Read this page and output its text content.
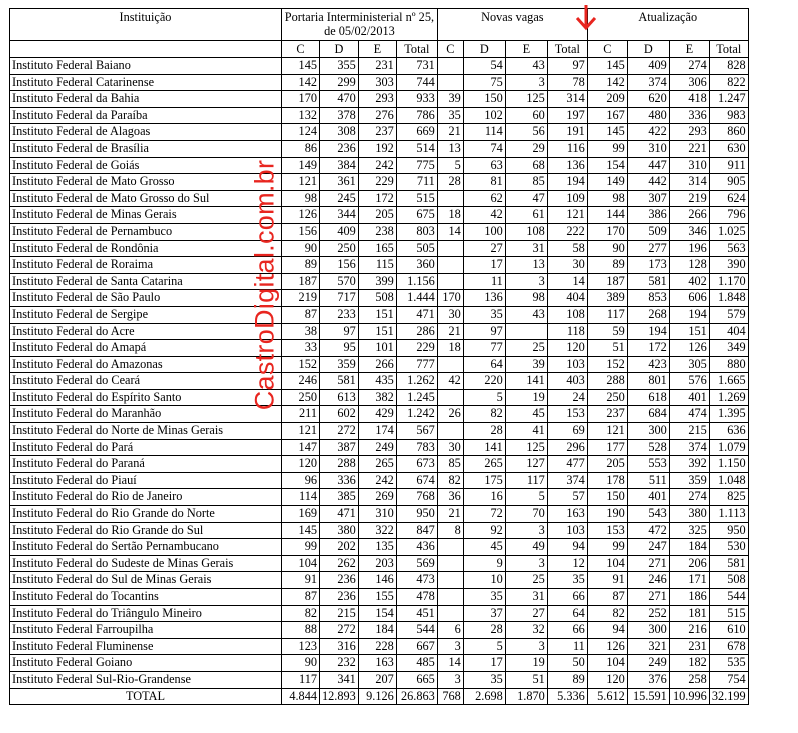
Instituição	Portaria Interministerial nº 25, de 05/02/2013				Novas vagas				Atualização			
	C	D	E	Total	C	D	E	Total	C	D	E	Total
Instituto Federal Baiano	145	355	231	731		54	43	97	145	409	274	828
Instituto Federal Catarinense	142	299	303	744		75	3	78	142	374	306	822
Instituto Federal da Bahia	170	470	293	933	39	150	125	314	209	620	418	1.247
Instituto Federal da Paraíba	132	378	276	786	35	102	60	197	167	480	336	983
Instituto Federal de Alagoas	124	308	237	669	21	114	56	191	145	422	293	860
Instituto Federal de Brasília	86	236	192	514	13	74	29	116	99	310	221	630
Instituto Federal de Goiás	149	384	242	775	5	63	68	136	154	447	310	911
Instituto Federal de Mato Grosso	121	361	229	711	28	81	85	194	149	442	314	905
Instituto Federal de Mato Grosso do Sul	98	245	172	515		62	47	109	98	307	219	624
Instituto Federal de Minas Gerais	126	344	205	675	18	42	61	121	144	386	266	796
Instituto Federal de Pernambuco	156	409	238	803	14	100	108	222	170	509	346	1.025
Instituto Federal de Rondônia	90	250	165	505		27	31	58	90	277	196	563
Instituto Federal de Roraima	89	156	115	360		17	13	30	89	173	128	390
Instituto Federal de Santa Catarina	187	570	399	1.156		11	3	14	187	581	402	1.170
Instituto Federal de São Paulo	219	717	508	1.444	170	136	98	404	389	853	606	1.848
Instituto Federal de Sergipe	87	233	151	471	30	35	43	108	117	268	194	579
Instituto Federal do Acre	38	97	151	286	21	97		118	59	194	151	404
Instituto Federal do Amapá	33	95	101	229	18	77	25	120	51	172	126	349
Instituto Federal do Amazonas	152	359	266	777		64	39	103	152	423	305	880
Instituto Federal do Ceará	246	581	435	1.262	42	220	141	403	288	801	576	1.665
Instituto Federal do Espírito Santo	250	613	382	1.245		5	19	24	250	618	401	1.269
Instituto Federal do Maranhão	211	602	429	1.242	26	82	45	153	237	684	474	1.395
Instituto Federal do Norte de Minas Gerais	121	272	174	567		28	41	69	121	300	215	636
Instituto Federal do Pará	147	387	249	783	30	141	125	296	177	528	374	1.079
Instituto Federal do Paraná	120	288	265	673	85	265	127	477	205	553	392	1.150
Instituto Federal do Piauí	96	336	242	674	82	175	117	374	178	511	359	1.048
Instituto Federal do Rio de Janeiro	114	385	269	768	36	16	5	57	150	401	274	825
Instituto Federal do Rio Grande do Norte	169	471	310	950	21	72	70	163	190	543	380	1.113
Instituto Federal do Rio Grande do Sul	145	380	322	847	8	92	3	103	153	472	325	950
Instituto Federal do Sertão Pernambucano	99	202	135	436		45	49	94	99	247	184	530
Instituto Federal do Sudeste de Minas Gerais	104	262	203	569		9	3	12	104	271	206	581
Instituto Federal do Sul de Minas Gerais	91	236	146	473		10	25	35	91	246	171	508
Instituto Federal do Tocantins	87	236	155	478		35	31	66	87	271	186	544
Instituto Federal do Triângulo Mineiro	82	215	154	451		37	27	64	82	252	181	515
Instituto Federal Farroupilha	88	272	184	544	6	28	32	66	94	300	216	610
Instituto Federal Fluminense	123	316	228	667	3	5	3	11	126	321	231	678
Instituto Federal Goiano	90	232	163	485	14	17	19	50	104	249	182	535
Instituto Federal Sul-Rio-Grandense	117	341	207	665	3	35	51	89	120	376	258	754
TOTAL	4.844	12.893	9.126	26.863	768	2.698	1.870	5.336	5.612	15.591	10.996	32.199
CastroDigital.com.br
